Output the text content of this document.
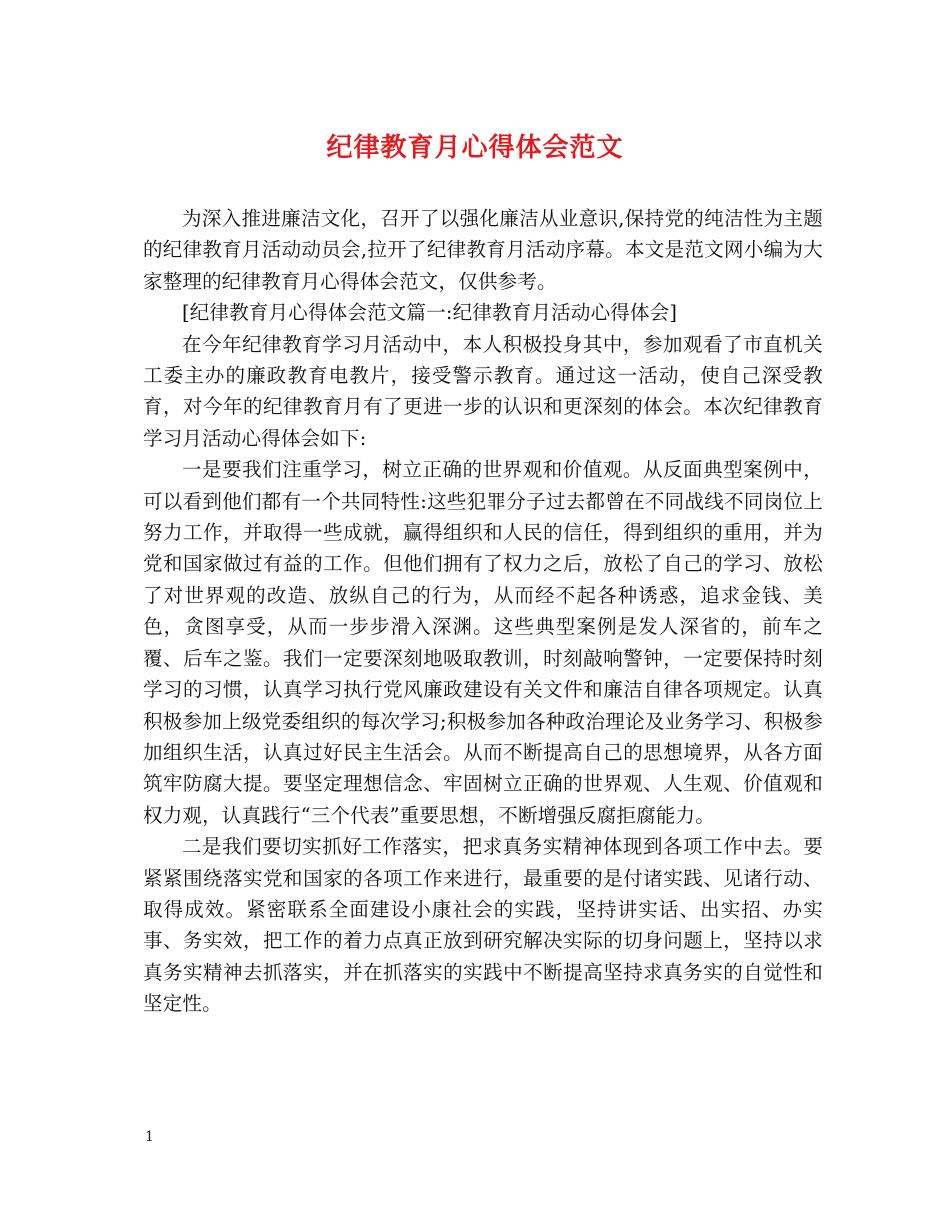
纪律教育月心得体会范文

为深入推进廉洁文化，召开了以强化廉洁从业意识,保持党的纯洁性为主题的纪律教育月活动动员会,拉开了纪律教育月活动序幕。本文是范文网小编为大家整理的纪律教育月心得体会范文，仅供参考。

[纪律教育月心得体会范文篇一:纪律教育月活动心得体会]

在今年纪律教育学习月活动中，本人积极投身其中，参加观看了市直机关工委主办的廉政教育电教片，接受警示教育。通过这一活动，使自己深受教育，对今年的纪律教育月有了更进一步的认识和更深刻的体会。本次纪律教育学习月活动心得体会如下:

一是要我们注重学习，树立正确的世界观和价值观。从反面典型案例中，可以看到他们都有一个共同特性:这些犯罪分子过去都曾在不同战线不同岗位上努力工作，并取得一些成就，赢得组织和人民的信任，得到组织的重用，并为党和国家做过有益的工作。但他们拥有了权力之后，放松了自己的学习、放松了对世界观的改造、放纵自己的行为，从而经不起各种诱惑，追求金钱、美色，贪图享受，从而一步步滑入深渊。这些典型案例是发人深省的，前车之覆、后车之鉴。我们一定要深刻地吸取教训，时刻敲响警钟，一定要保持时刻学习的习惯，认真学习执行党风廉政建设有关文件和廉洁自律各项规定。认真积极参加上级党委组织的每次学习;积极参加各种政治理论及业务学习、积极参加组织生活，认真过好民主生活会。从而不断提高自己的思想境界，从各方面筑牢防腐大提。要坚定理想信念、牢固树立正确的世界观、人生观、价值观和权力观，认真践行“三个代表”重要思想，不断增强反腐拒腐能力。

二是我们要切实抓好工作落实，把求真务实精神体现到各项工作中去。要紧紧围绕落实党和国家的各项工作来进行，最重要的是付诸实践、见诸行动、取得成效。紧密联系全面建设小康社会的实践，坚持讲实话、出实招、办实事、务实效，把工作的着力点真正放到研究解决实际的切身问题上，坚持以求真务实精神去抓落实，并在抓落实的实践中不断提高坚持求真务实的自觉性和坚定性。

1
